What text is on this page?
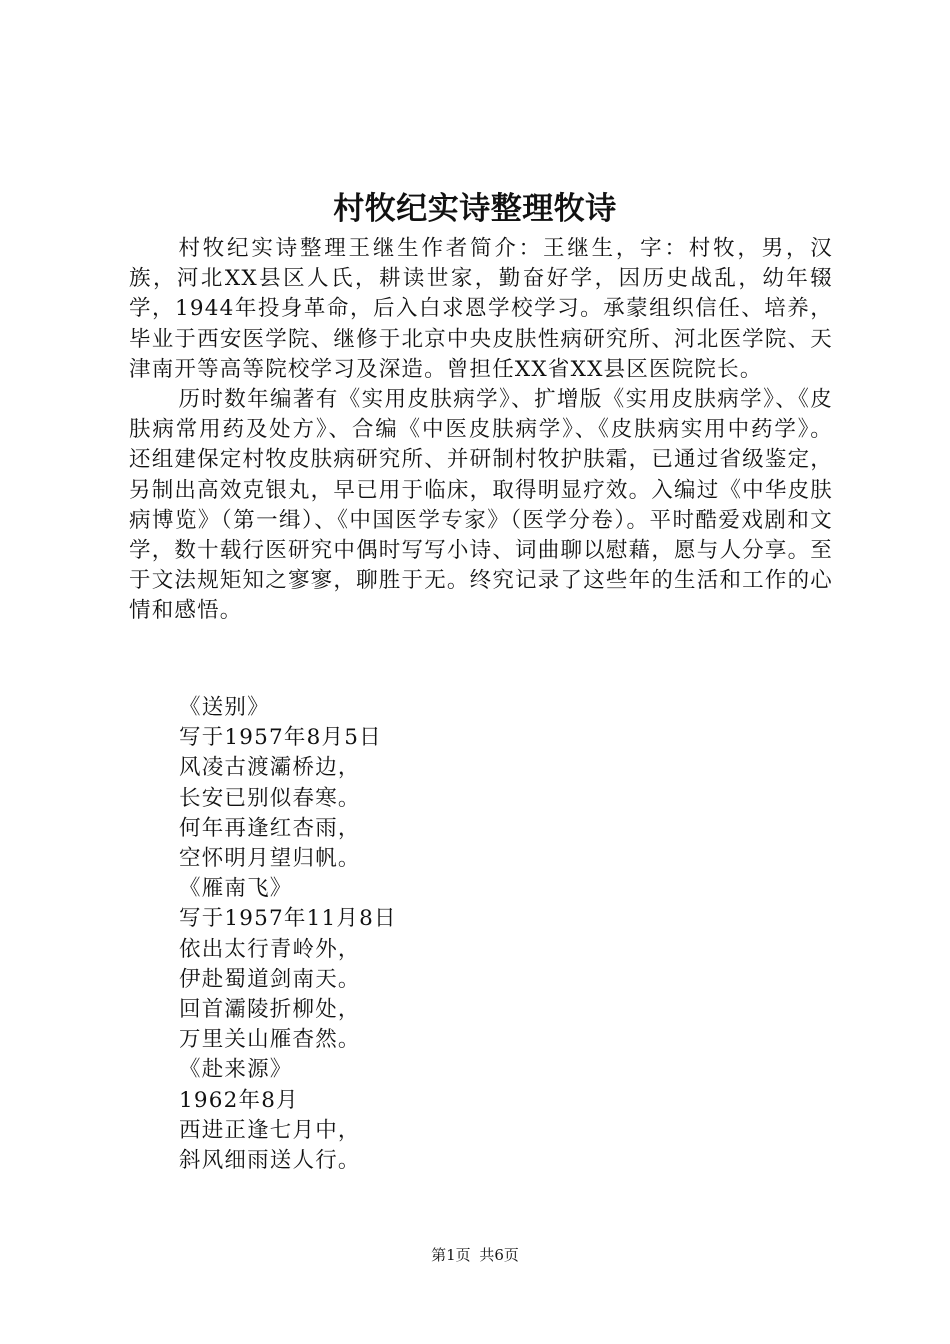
村牧纪实诗整理牧诗

村牧纪实诗整理王继生作者简介：王继生，字：村牧，男，汉族，河北XX县区人氏，耕读世家，勤奋好学，因历史战乱，幼年辍学，1944年投身革命，后入白求恩学校学习。承蒙组织信任、培养，毕业于西安医学院、继修于北京中央皮肤性病研究所、河北医学院、天津南开等高等院校学习及深造。曾担任XX省XX县区医院院长。

历时数年编著有《实用皮肤病学》、扩增版《实用皮肤病学》、《皮肤病常用药及处方》、合编《中医皮肤病学》、《皮肤病实用中药学》。还组建保定村牧皮肤病研究所、并研制村牧护肤霜，已通过省级鉴定，另制出高效克银丸，早已用于临床，取得明显疗效。入编过《中华皮肤病博览》（第一缉）、《中国医学专家》（医学分卷）。平时酷爱戏剧和文学，数十载行医研究中偶时写写小诗、词曲聊以慰藉，愿与人分享。至于文法规矩知之寥寥，聊胜于无。终究记录了这些年的生活和工作的心情和感悟。

《送别》

写于1957年8月5日

风凌古渡灞桥边，

长安已别似春寒。

何年再逢红杏雨，

空怀明月望归帆。

《雁南飞》

写于1957年11月8日

依出太行青岭外，

伊赴蜀道剑南天。

回首灞陵折柳处，

万里关山雁杳然。

《赴来源》

1962年8月

西进正逢七月中，

斜风细雨送人行。

第1页 共6页
